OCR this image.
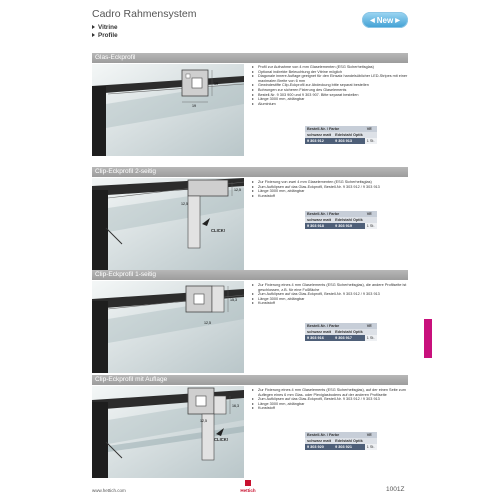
Cadro Rahmensystem
Vitrine
Profile
◀ New ▶
Glas-Eckprofil
19
19
Profil zur Aufnahme von 4 mm Glaselementen (ESG Sicherheitsglas)
Optional indirekte Beleuchtung der Vitrine möglich
Diagonale innere Auflage geeignet für den Einsatz handelsüblicher LED-Stripes mit einer maximalen Breite von 6 mm
Gewindestifte Clip-Eckprofil zur Abdeckung bitte separat bestellen
Bohrungen zur sicheren Fixierung des Glaselements
Bestell-Nr. 9 303 900 und 9 303 907. Bitte separat bestellen
Länge 3000 mm, ablängbar
Aluminium
Bestell-Nr. / Farbe		VE
schwarz matt	Edelstahl Optik	
9 303 912	9 303 913	1 St.
Clip-Eckprofil 2-seitig
12,5
12,5
CLICK!
Zur Fixierung von zwei 4 mm Glaselementen (ESG Sicherheitsglas)
Zum Aufklipsen auf das Glas-Eckprofil, Bestell-Nr. 9 303 912 / 9 303 913
Länge 3000 mm, ablängbar
Kunststoff
Bestell-Nr. / Farbe		VE
schwarz matt	Edelstahl Optik	
9 303 918	9 303 919	1 St.
Clip-Eckprofil 1-seitig
15,3
12,5
Zur Fixierung eines 4 mm Glaselements (ESG Sicherheitsglas), die andere Profilseite ist geschlossen, z.B. für eine Fußfläche
Zum Aufklipsen auf das Glas-Eckprofil, Bestell-Nr. 9 303 912 / 9 303 913
Länge 3000 mm, ablängbar
Kunststoff
Bestell-Nr. / Farbe		VE
schwarz matt	Edelstahl Optik	
9 303 916	9 303 917	1 St.
Clip-Eckprofil mit Auflage
16,3
12,5
CLICK!
Zur Fixierung eines 4 mm Glaselements (ESG Sicherheitsglas), auf der einen Seite zum Auflegen eines 6 mm Glas- oder Plexiglasbodens auf der anderen Profilseite
Zum Aufklipsen auf das Glas-Eckprofil, Bestell-Nr. 9 303 912 / 9 303 913
Länge 3000 mm, ablängbar
Kunststoff
Bestell-Nr. / Farbe		VE
schwarz matt	Edelstahl Optik	
9 303 920	9 303 921	1 St.
www.hettich.com	Hettich	1001Z
